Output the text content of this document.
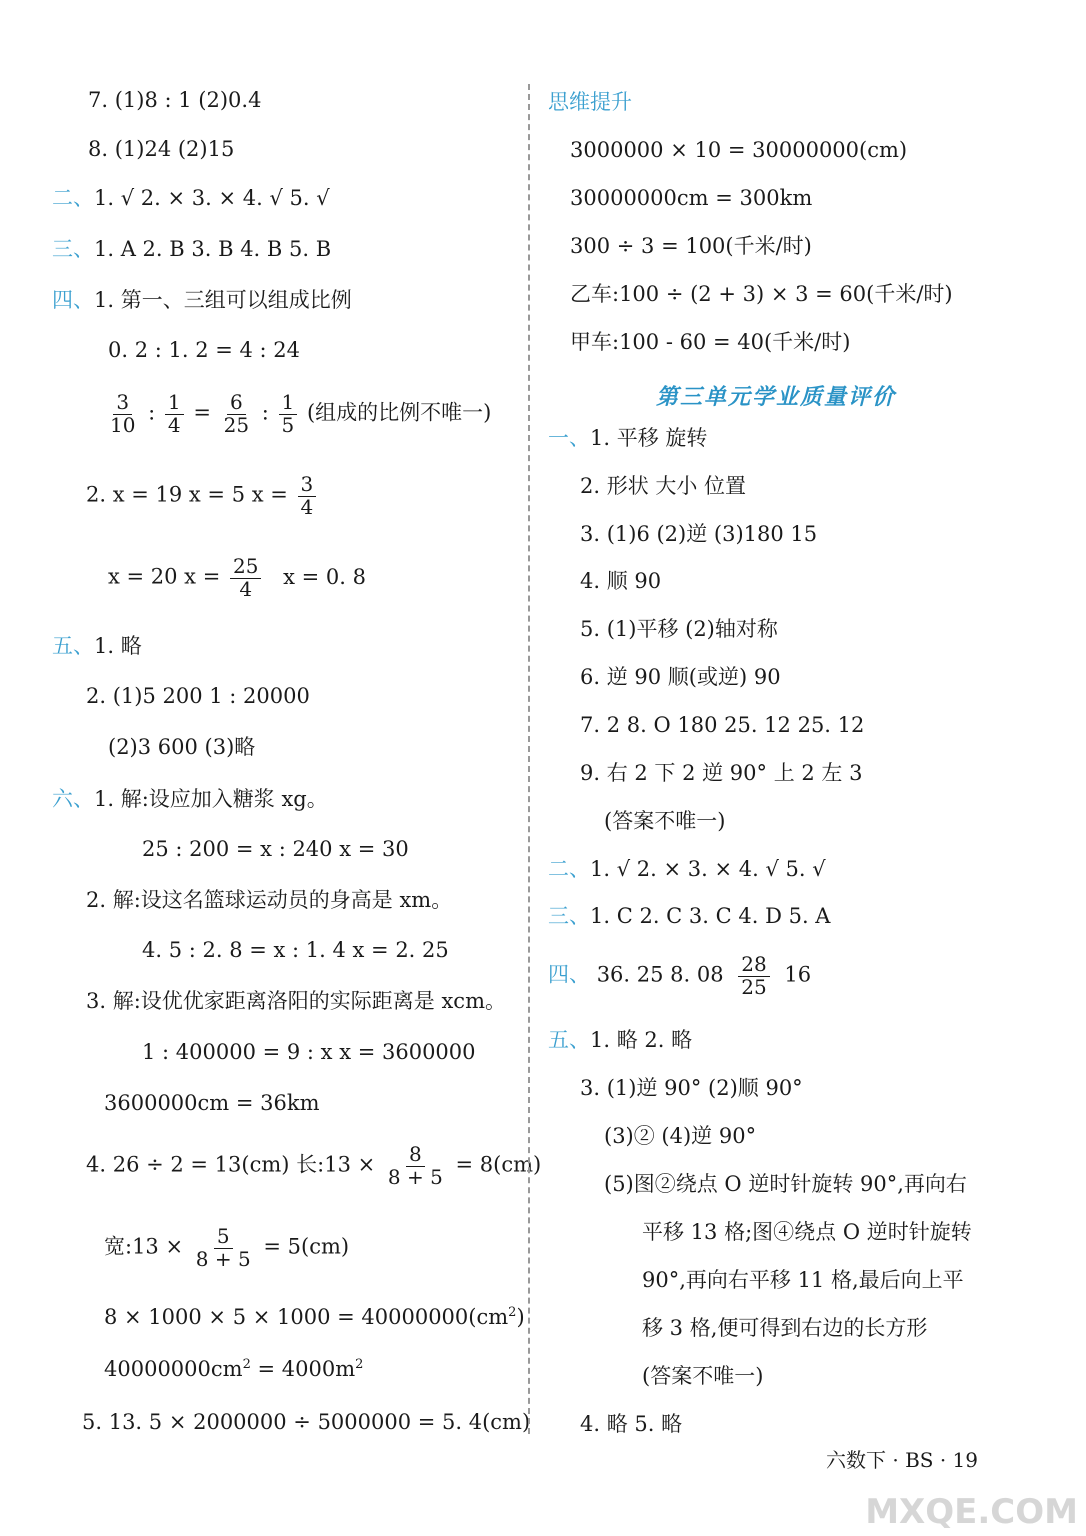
7. (1)8 : 1 (2)0.4
8. (1)24 (2)15
二、1. √ 2. × 3. × 4. √ 5. √
三、1. A 2. B 3. B 4. B 5. B
四、1. 第一、三组可以组成比例
0. 2 : 1. 2 = 4 : 24
$\frac{3}{10}$ : $\frac{1}{4} = \frac{6}{25}$ : $\frac{1}{5}$ (组成的比例不唯一)
2. x = 19 x = 5 $x = \frac{3}{4}$
x = 20 $x = \frac{25}{4}$ x = 0. 8
五、1. 略
2. (1)5 200 1 : 20000
(2)3 600 (3)略
六、1. 解:设应加入糖浆 xg。
25 : 200 = x : 240 x = 30
2. 解:设这名篮球运动员的身高是 xm。
4. 5 : 2. 8 = x : 1. 4 x = 2. 25
3. 解:设优优家距离洛阳的实际距离是 xcm。
1 : 400000 = 9 : x x = 3600000
3600000cm = 36km
4. 26 ÷ 2 = 13(cm) 长:13 × $\frac{8}{8 + 5} = 8(cm)$
宽:13 × $\frac{5}{8 + 5} = 5(cm)$
$8 \times 1000 \times 5 \times 1000 = 40000000(cm^2)$
$40000000cm^2 = 4000m^2$
5. 13. 5 × 2000000 ÷ 5000000 = 5. 4(cm)
思维提升
3000000 × 10 = 30000000(cm)
30000000cm = 300km
300 ÷ 3 = 100(千米/时)
乙车:100 ÷ (2 + 3) × 3 = 60(千米/时)
甲车:100 - 60 = 40(千米/时)
第三单元学业质量评价
一、1. 平移 旋转
2. 形状 大小 位置
3. (1)6 (2)逆 (3)180 15
4. 顺 90
5. (1)平移 (2)轴对称
6. 逆 90 顺(或逆) 90
7. 2 8. O 180 25. 12 25. 12
9. 右 2 下 2 逆 90° 上 2 左 3
(答案不唯一)
二、1. √ 2. × 3. × 4. √ 5. √
三、1. C 2. C 3. C 4. D 5. A
四、 36. 25 8. $08 \frac{28}{25} 16$
五、1. 略 2. 略
3. (1)逆 90° (2)顺 90°
(3)② (4)逆 90°
(5)图②绕点 O 逆时针旋转 90°,再向右
平移 13 格;图④绕点 O 逆时针旋转
90°,再向右平移 11 格,最后向上平
移 3 格,便可得到右边的长方形
(答案不唯一)
4. 略 5. 略
六数下 · BS · 19
MXQE.COM
